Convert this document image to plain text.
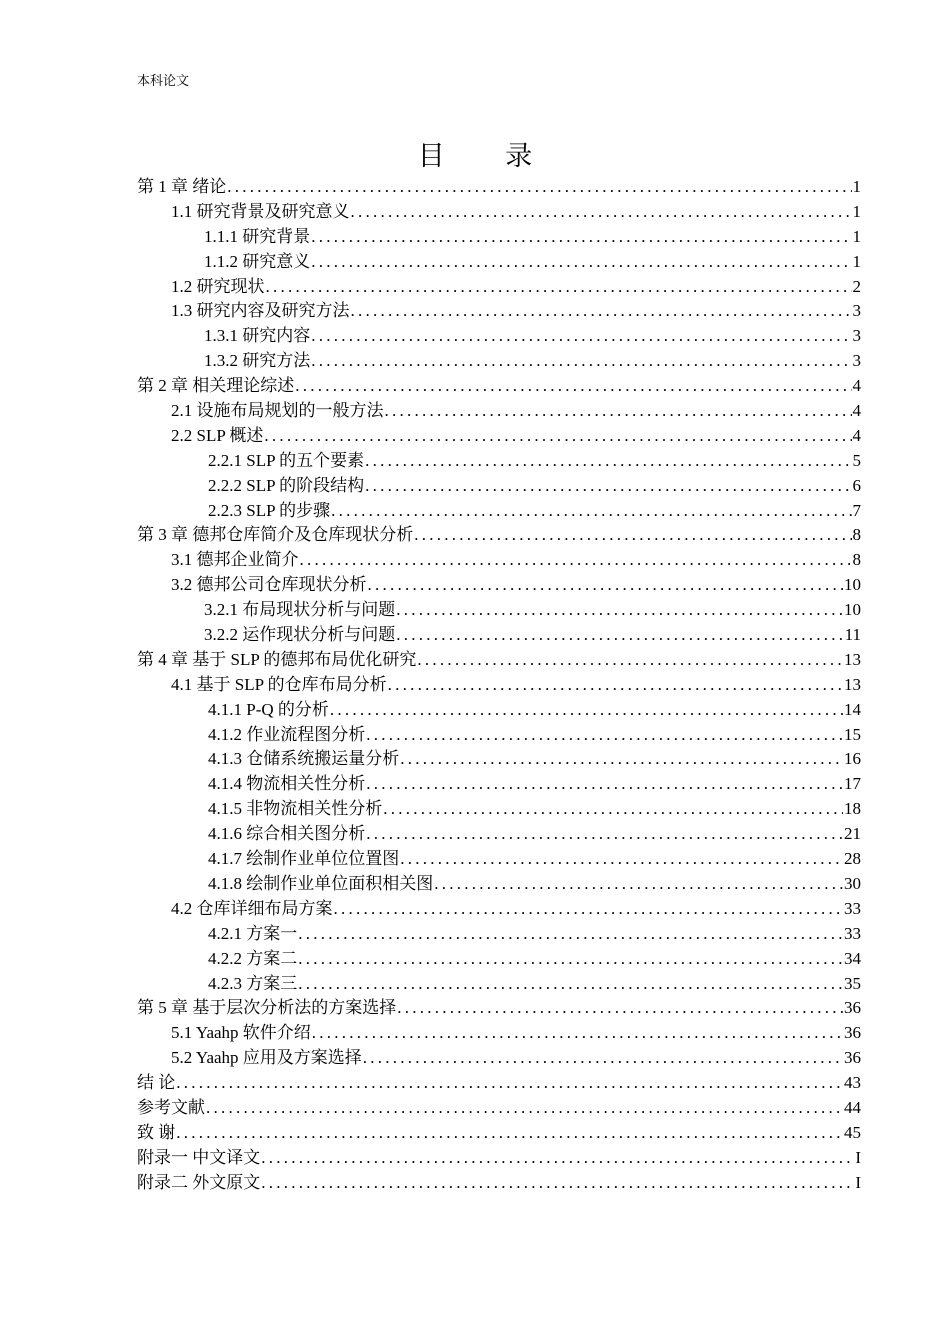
本科论文
目 录
第 1 章 绪论 . . .	1
1.1 研究背景及研究意义 . . .	1
1.1.1 研究背景 . . .	1
1.1.2 研究意义 . . .	1
1.2 研究现状 . . .	2
1.3 研究内容及研究方法 . . .	3
1.3.1 研究内容 . . .	3
1.3.2 研究方法 . . .	3
第 2 章 相关理论综述 . . .	4
2.1 设施布局规划的一般方法 . . .	4
2.2 SLP 概述 . . .	4
2.2.1 SLP 的五个要素 . . .	5
2.2.2 SLP 的阶段结构 . . .	6
2.2.3 SLP 的步骤 . . .	7
第 3 章 德邦仓库简介及仓库现状分析 . . .	8
3.1 德邦企业简介 . . .	8
3.2 德邦公司仓库现状分析 . . .	10
3.2.1 布局现状分析与问题 . . .	10
3.2.2 运作现状分析与问题 . . .	11
第 4 章 基于 SLP 的德邦布局优化研究 . . .	13
4.1 基于 SLP 的仓库布局分析 . . .	13
4.1.1 P-Q 的分析 . . .	14
4.1.2 作业流程图分析 . . .	15
4.1.3 仓储系统搬运量分析 . . .	16
4.1.4 物流相关性分析 . . .	17
4.1.5 非物流相关性分析 . . .	18
4.1.6 综合相关图分析 . . .	21
4.1.7 绘制作业单位位置图 . . .	28
4.1.8 绘制作业单位面积相关图 . . .	30
4.2 仓库详细布局方案 . . .	33
4.2.1 方案一 . . .	33
4.2.2 方案二 . . .	34
4.2.3 方案三 . . .	35
第 5 章 基于层次分析法的方案选择 . . .	36
5.1 Yaahp 软件介绍 . . .	36
5.2 Yaahp 应用及方案选择 . . .	36
结 论 . . .	43
参考文献 . . .	44
致 谢 . . .	45
附录一 中文译文 . . .	I
附录二 外文原文 . . .	I
